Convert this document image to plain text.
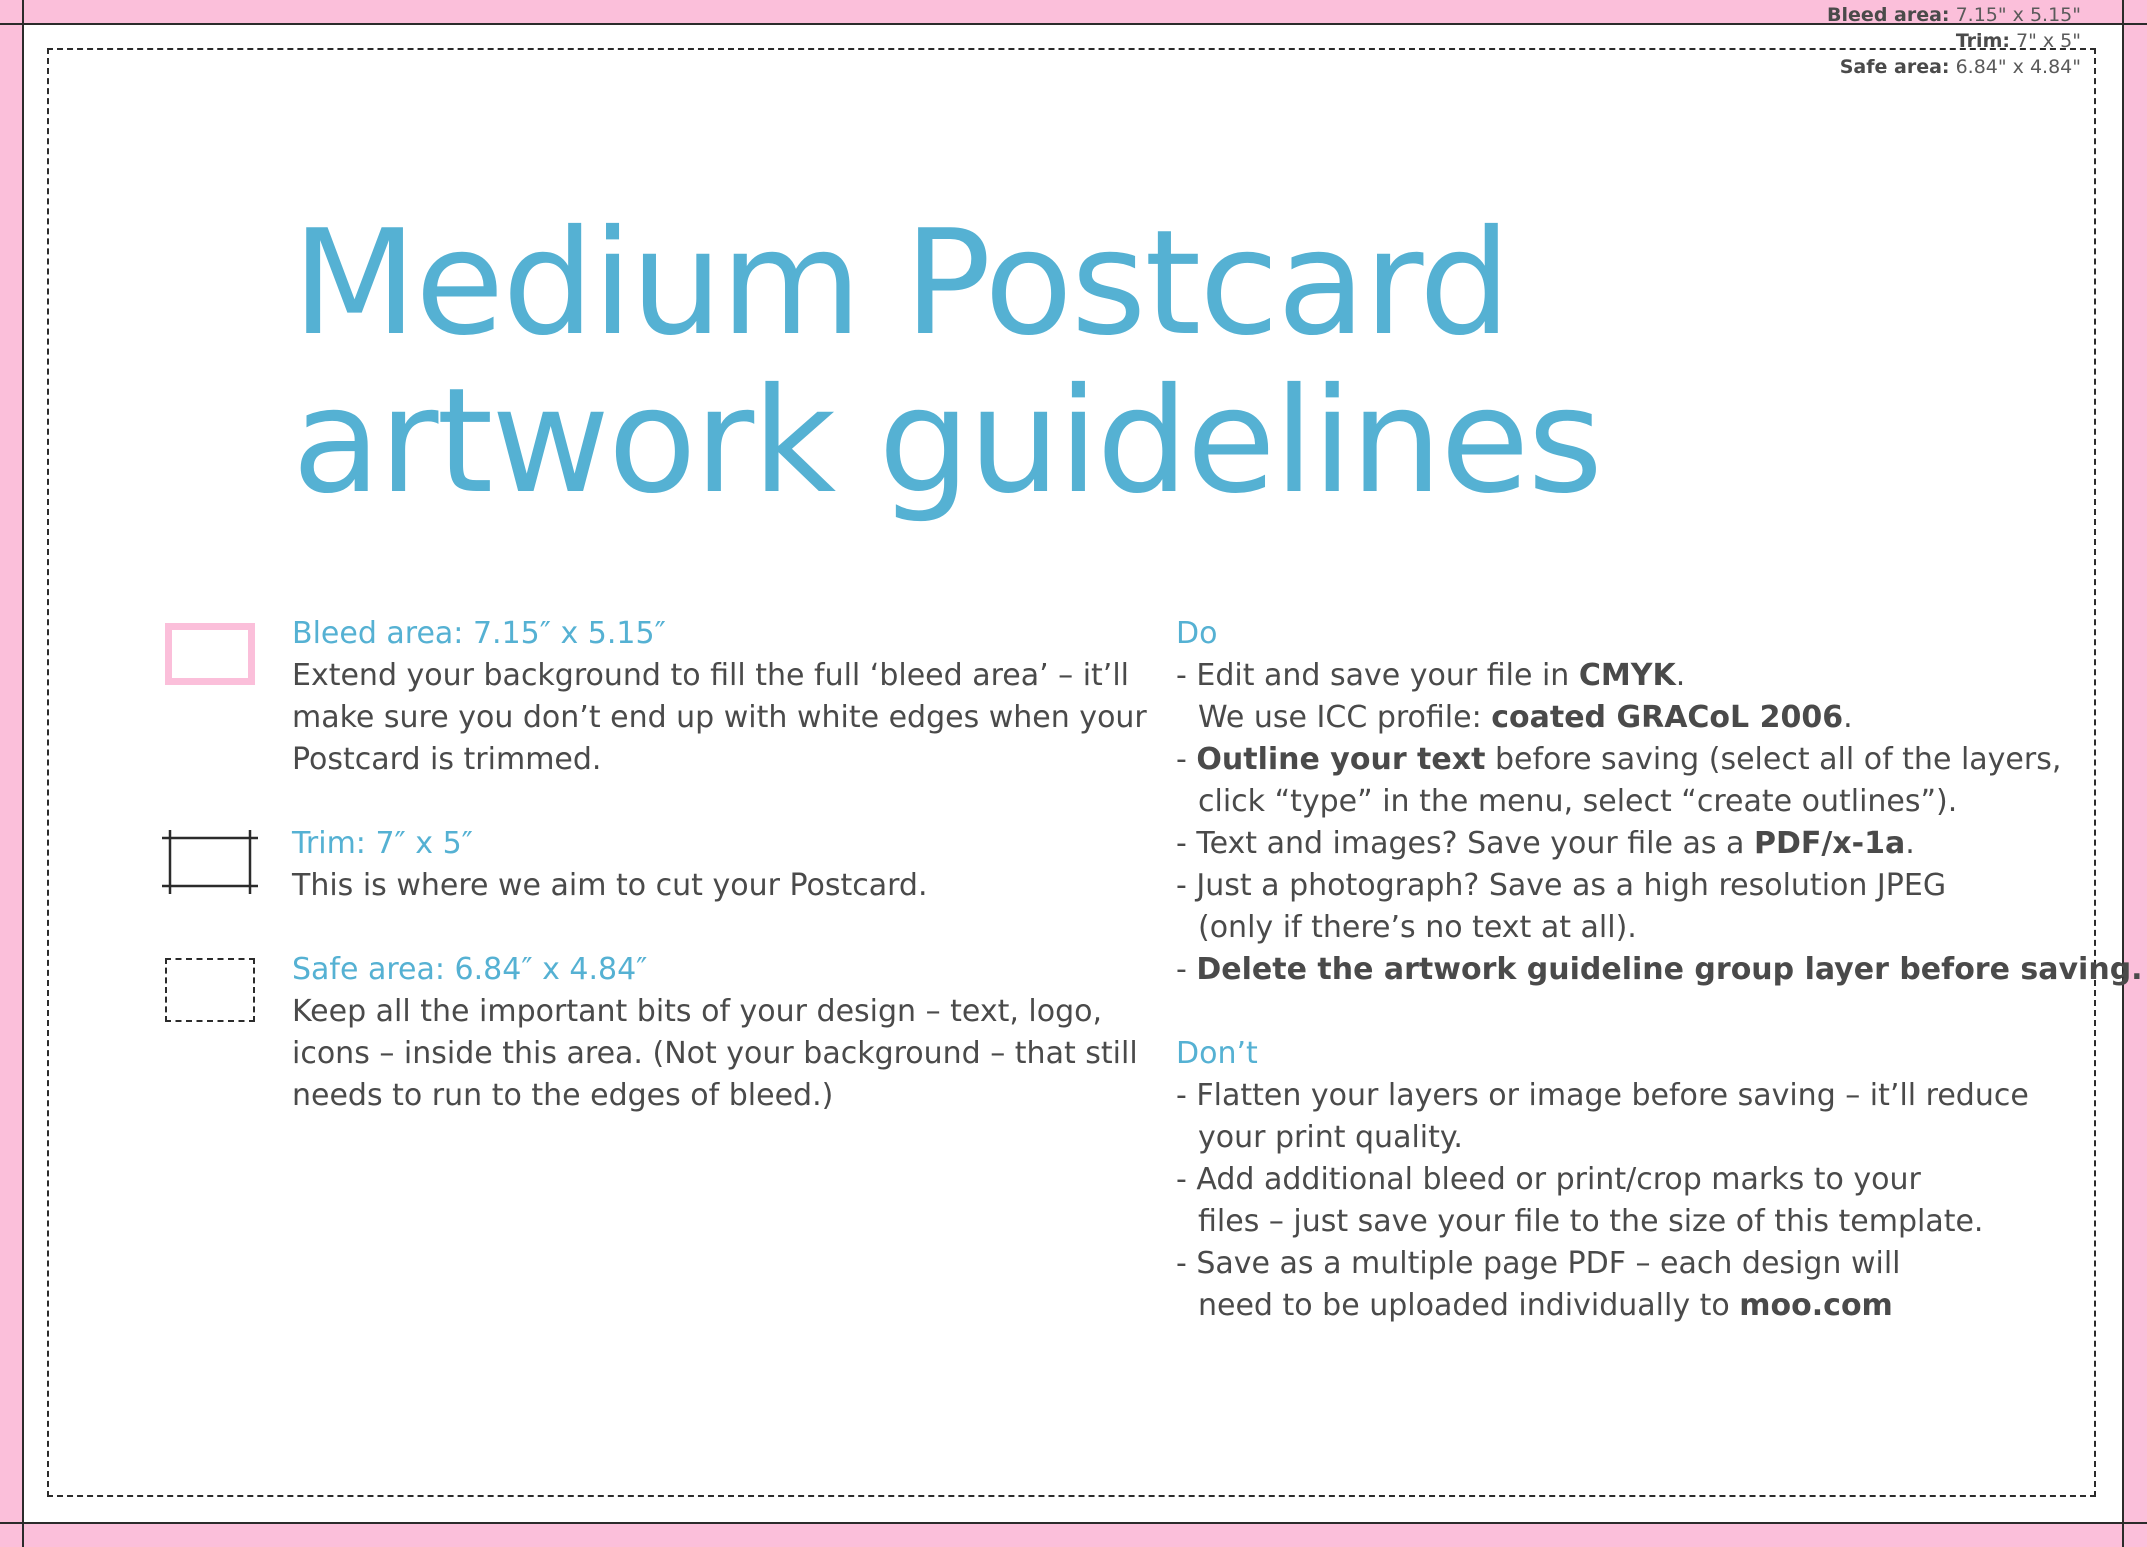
Bleed area: 7.15" x 5.15"
Trim: 7" x 5"
Safe area: 6.84" x 4.84"
Medium Postcard
artwork guidelines
Bleed area: 7.15″ x 5.15″
Extend your background to fill the full ‘bleed area’ – it’ll
make sure you don’t end up with white edges when your
Postcard is trimmed.
Trim: 7″ x 5″
This is where we aim to cut your Postcard.
Safe area: 6.84″ x 4.84″
Keep all the important bits of your design – text, logo,
icons – inside this area. (Not your background – that still
needs to run to the edges of bleed.)
Do
- Edit and save your file in CMYK.
We use ICC profile: coated GRACoL 2006.
- Outline your text before saving (select all of the layers,
click “type” in the menu, select “create outlines”).
- Text and images? Save your file as a PDF/x-1a.
- Just a photograph? Save as a high resolution JPEG
(only if there’s no text at all).
- Delete the artwork guideline group layer before saving.
Don’t
- Flatten your layers or image before saving – it’ll reduce
your print quality.
- Add additional bleed or print/crop marks to your
files – just save your file to the size of this template.
- Save as a multiple page PDF – each design will
need to be uploaded individually to moo.com
